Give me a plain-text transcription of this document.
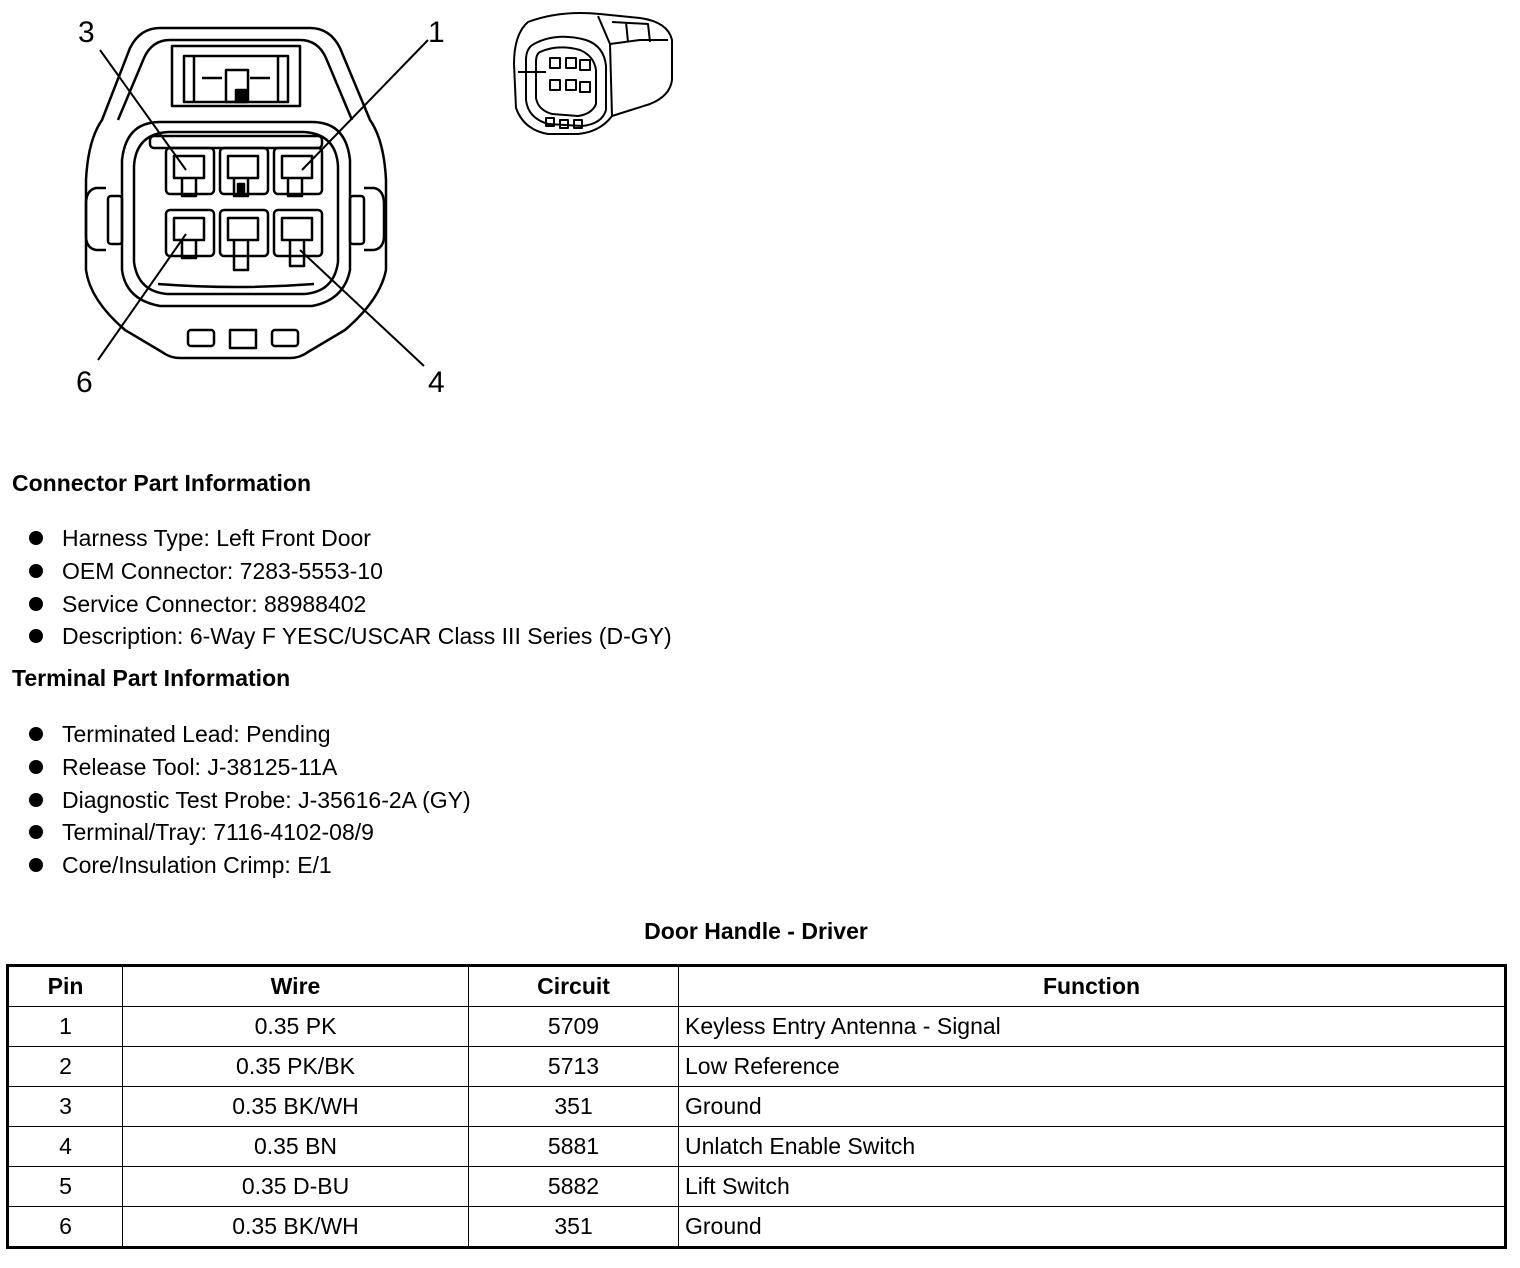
3	1
6	4
Connector Part Information
Harness Type: Left Front Door
OEM Connector: 7283-5553-10
Service Connector: 88988402
Description: 6-Way F YESC/USCAR Class III Series (D-GY)
Terminal Part Information
Terminated Lead: Pending
Release Tool: J-38125-11A
Diagnostic Test Probe: J-35616-2A (GY)
Terminal/Tray: 7116-4102-08/9
Core/Insulation Crimp: E/1
Door Handle - Driver
Pin	Wire	Circuit	Function
1	0.35 PK	5709	Keyless Entry Antenna - Signal
2	0.35 PK/BK	5713	Low Reference
3	0.35 BK/WH	351	Ground
4	0.35 BN	5881	Unlatch Enable Switch
5	0.35 D-BU	5882	Lift Switch
6	0.35 BK/WH	351	Ground
